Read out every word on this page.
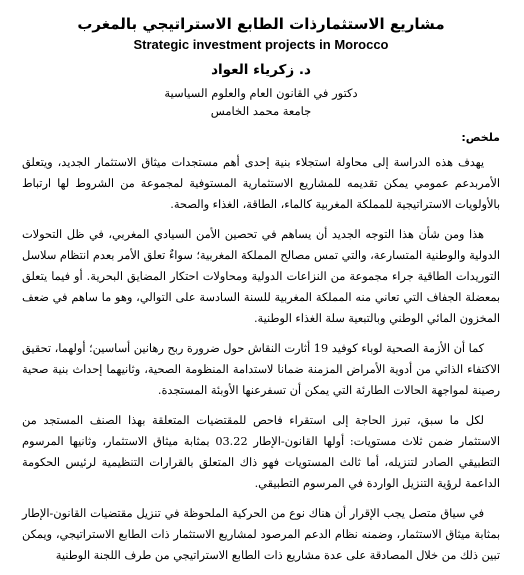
مشاريع الاستثمارذات الطابع الاستراتيجي بالمغرب
Strategic investment projects in Morocco
د. زكرياء العواد
دكتور في القانون العام والعلوم السياسية
جامعة محمد الخامس
ملخص:

يهدف هذه الدراسة إلى محاولة استجلاء بنية إحدى أهم مستجدات ميثاق الاستثمار الجديد، ويتعلق الأمربدعم عمومي يمكن تقديمه للمشاريع الاستثمارية المستوفية لمجموعة من الشروط لها ارتباط بالأولويات الاستراتيجية للمملكة المغربية كالماء، الطاقة، الغذاء والصحة.

هذا ومن شأن هذا التوجه الجديد أن يساهم في تحصين الأمن السيادي المغربي، في ظل التحولات الدولية والوطنية المتسارعة، والتي تمس مصالح المملكة المغربية؛ سواءٌ تعلق الأمر بعدم انتظام سلاسل التوريدات الطاقية جراء مجموعة من النزاعات الدولية ومحاولات احتكار المضايق البحرية. أو فيما يتعلق بمعضلة الجفاف التي تعاني منه المملكة المغربية للسنة السادسة على التوالي، وهو ما ساهم في ضعف المخزون المائي الوطني وبالتبعية سلة الغذاء الوطنية.

كما أن الأزمة الصحية لوباء كوفيد 19 أثارت النقاش حول ضرورة ربح رهانين أساسين؛ أولهما، تحقيق الاكتفاء الذاتي من أدوية الأمراض المزمنة ضمانا لاستدامة المنظومة الصحية، وثانيهما إحداث بنية صحية رصينة لمواجهة الحالات الطارئة التي يمكن أن تسفرعنها الأوبئة المستجدة.

لكل ما سبق، تبرز الحاجة إلى استقراء فاحص للمقتضيات المتعلقة بهذا الصنف المستجد من الاستثمار ضمن ثلاث مستويات: أولها القانون-الإطار 03.22 بمثابة ميثاق الاستثمار، وثانيها المرسوم التطبيقي الصادر لتنزيله، أما ثالث المستويات فهو ذاك المتعلق بالقرارات التنظيمية لرئيس الحكومة الداعمة لرؤية التنزيل الواردة في المرسوم التطبيقي.

في سياق متصل يجب الإقرار أن هناك نوع من الحركية الملحوظة في تنزيل مقتضيات القانون-الإطار بمثابة ميثاق الاستثمار، وضمنه نظام الدعم المرصود لمشاريع الاستثمار ذات الطابع الاستراتيجي، ويمكن تبين ذلك من خلال المصادقة على عدة مشاريع ذات الطابع الاستراتيجي من طرف اللجنة الوطنية
